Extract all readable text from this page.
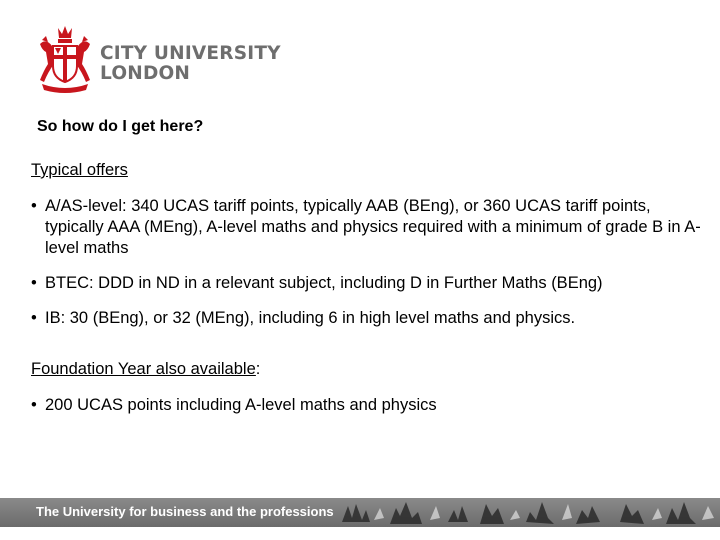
CITY UNIVERSITY
LONDON
So how do I get here?
Typical offers
• A/AS-level: 340 UCAS tariff points, typically AAB (BEng), or 360 UCAS tariff points, typically AAA (MEng), A-level maths and physics required with a minimum of grade B in A-level maths
• BTEC: DDD in ND in a relevant subject, including D in Further Maths (BEng)
• IB: 30 (BEng), or 32 (MEng), including 6 in high level maths and physics.
Foundation Year also available:
• 200 UCAS points including A-level maths and physics
The University for business and the professions
